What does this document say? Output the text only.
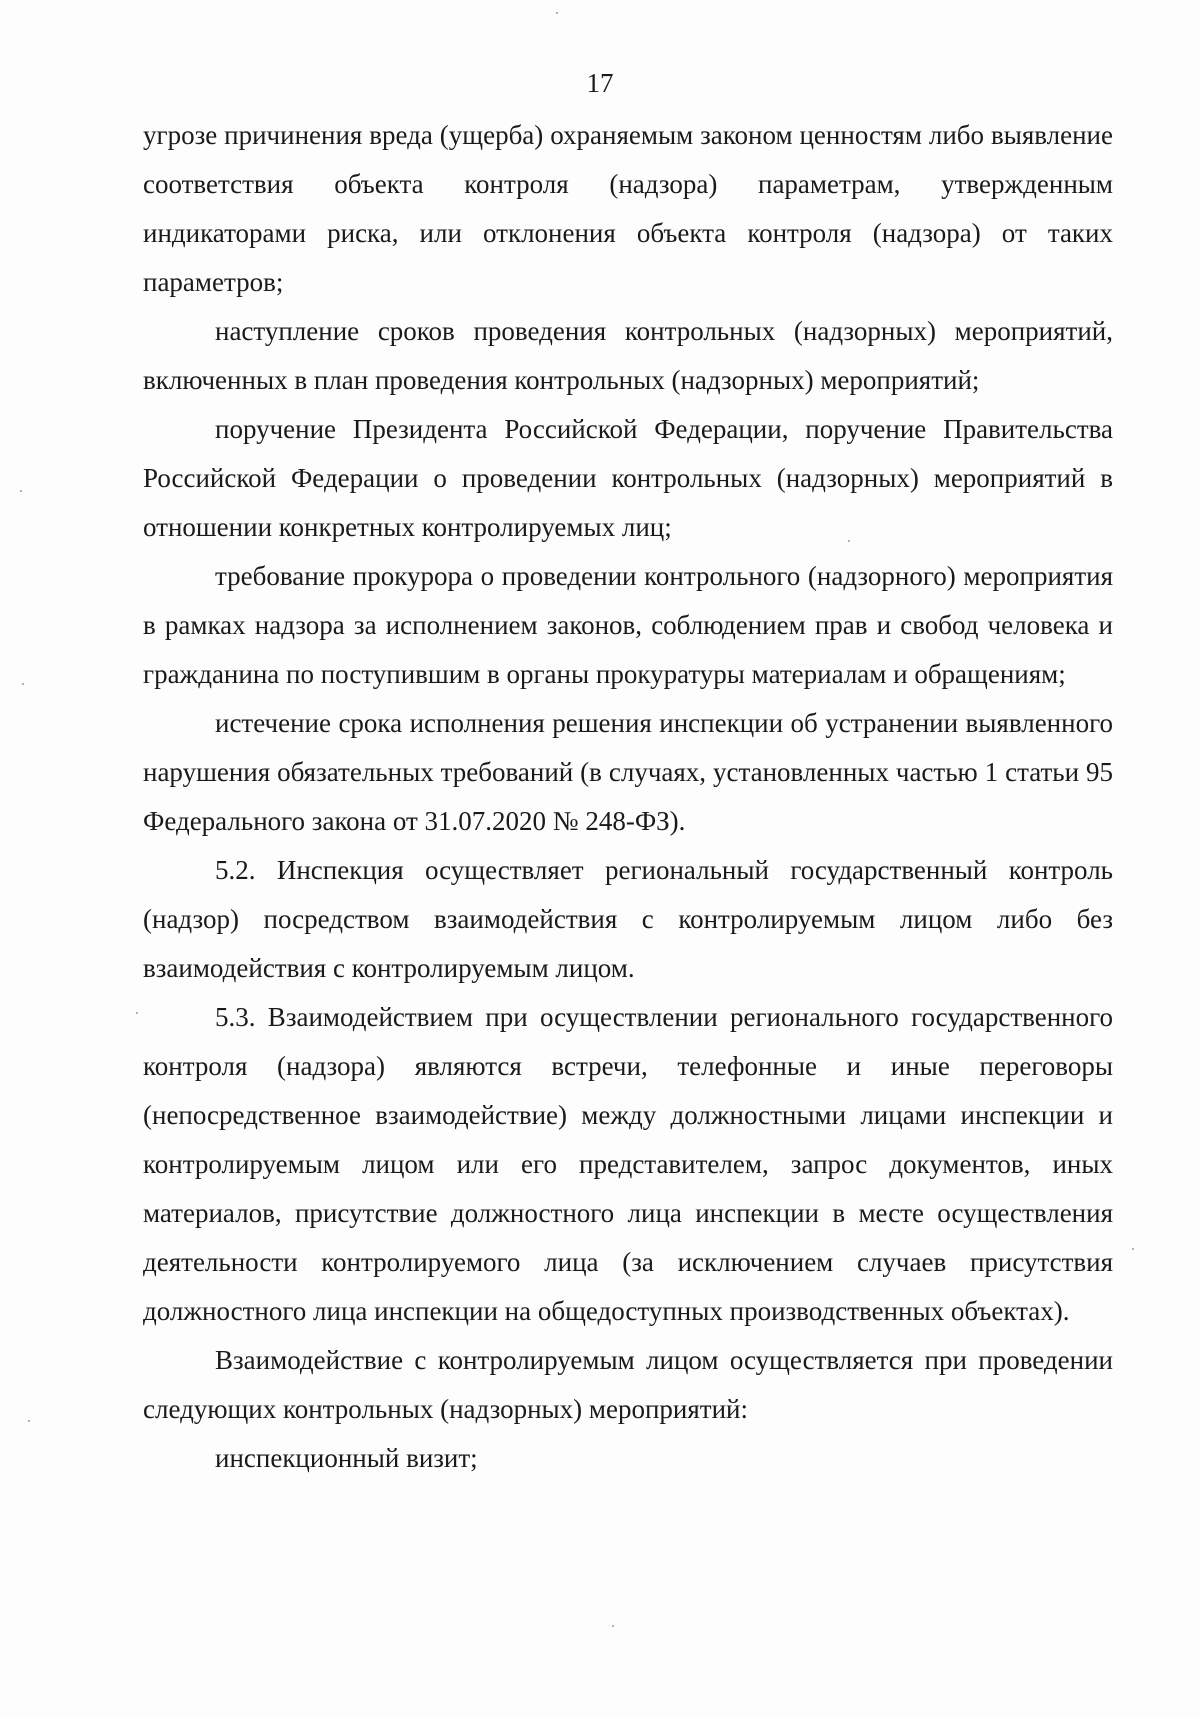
17

угрозе причинения вреда (ущерба) охраняемым законом ценностям либо выявление соответствия объекта контроля (надзора) параметрам, утвержденным индикаторами риска, или отклонения объекта контроля (надзора) от таких параметров;

наступление сроков проведения контрольных (надзорных) мероприятий, включенных в план проведения контрольных (надзорных) мероприятий;

поручение Президента Российской Федерации, поручение Правительства Российской Федерации о проведении контрольных (надзорных) мероприятий в отношении конкретных контролируемых лиц;

требование прокурора о проведении контрольного (надзорного) мероприятия в рамках надзора за исполнением законов, соблюдением прав и свобод человека и гражданина по поступившим в органы прокуратуры материалам и обращениям;

истечение срока исполнения решения инспекции об устранении выявленного нарушения обязательных требований (в случаях, установленных частью 1 статьи 95 Федерального закона от 31.07.2020 № 248-ФЗ).

5.2. Инспекция осуществляет региональный государственный контроль (надзор) посредством взаимодействия с контролируемым лицом либо без взаимодействия с контролируемым лицом.

5.3. Взаимодействием при осуществлении регионального государственного контроля (надзора) являются встречи, телефонные и иные переговоры (непосредственное взаимодействие) между должностными лицами инспекции и контролируемым лицом или его представителем, запрос документов, иных материалов, присутствие должностного лица инспекции в месте осуществления деятельности контролируемого лица (за исключением случаев присутствия должностного лица инспекции на общедоступных производственных объектах).

Взаимодействие с контролируемым лицом осуществляется при проведении следующих контрольных (надзорных) мероприятий:

инспекционный визит;
